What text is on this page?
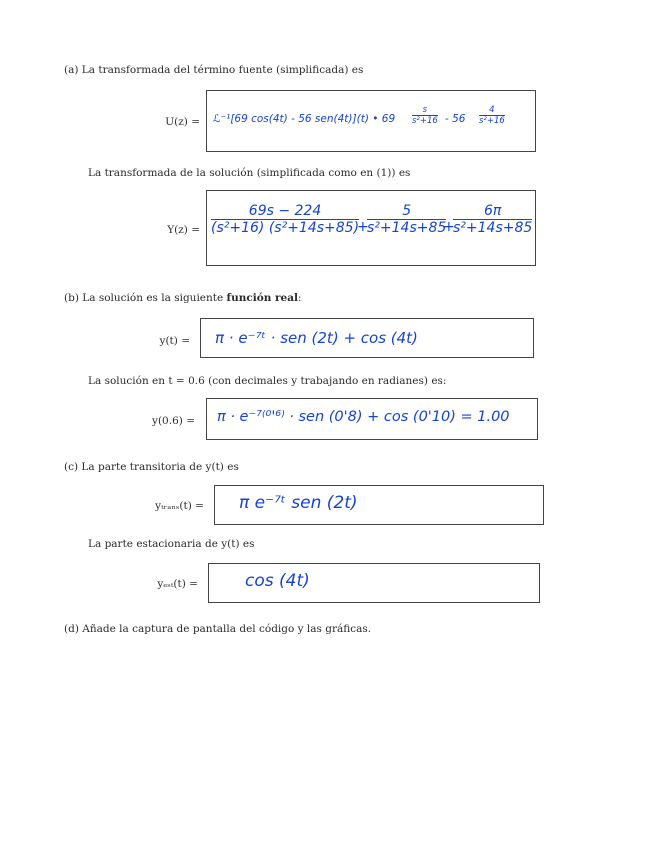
(a) La transformada del término fuente (simplificada) es
U(z) = ℒ⁻¹[69 cos(4t) - 56 sen(4t)](t) • 69
s
s²+16 - 56
4
s²+16
La transformada de la solución (simplificada como en (1)) es
Y(z) =
69s − 224
(s²+16) (s²+14s+85)
+
5
s²+14s+85
+
6π
s²+14s+85
(b) La solución es la siguiente función real:
y(t) = π · e⁻⁷ᵗ · sen (2t) + cos (4t)
La solución en t = 0.6 (con decimales y trabajando en radianes) es:
y(0.6) = π · e⁻⁷⁽⁰'⁶⁾ · sen (0'8) + cos (0'10) = 1.00
(c) La parte transitoria de y(t) es
yₜᵣₐₙₛ(t) = π e⁻⁷ᵗ sen (2t)
La parte estacionaria de y(t) es
yₑₛₜ(t) =	cos (4t)
(d) Añade la captura de pantalla del código y las gráficas.
